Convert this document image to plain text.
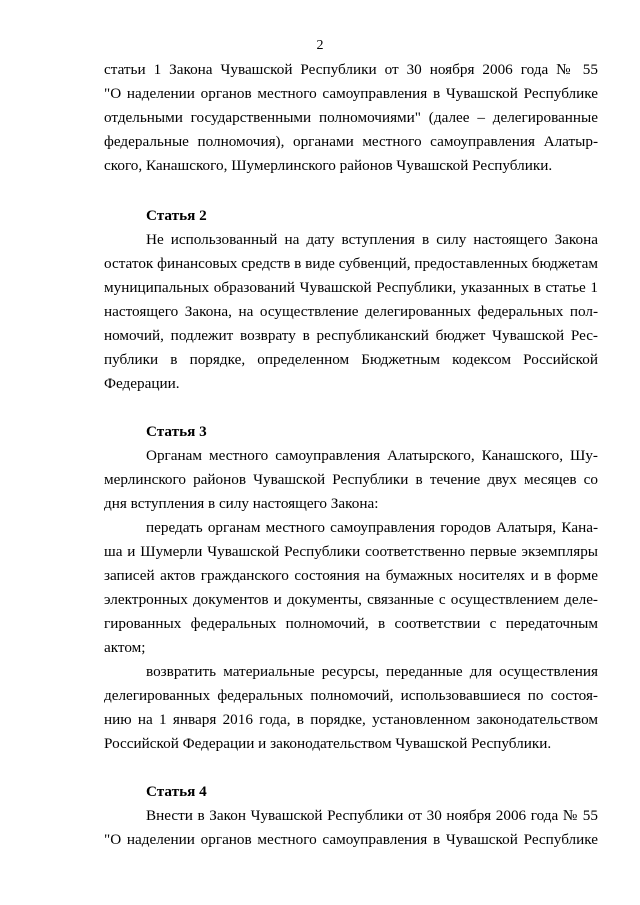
2
статьи 1 Закона Чувашской Республики от 30 ноября 2006 года № 55
"О наделении органов местного самоуправления в Чувашской Республике
отдельными государственными полномочиями" (далее – делегированные
федеральные полномочия), органами местного самоуправления Алатыр-
ского, Канашского, Шумерлинского районов Чувашской Республики.
Статья 2
Не использованный на дату вступления в силу настоящего Закона
остаток финансовых средств в виде субвенций, предоставленных бюджетам
муниципальных образований Чувашской Республики, указанных в статье 1
настоящего Закона, на осуществление делегированных федеральных пол-
номочий, подлежит возврату в республиканский бюджет Чувашской Рес-
публики в порядке, определенном Бюджетным кодексом Российской
Федерации.
Статья 3
Органам местного самоуправления Алатырского, Канашского, Шу-
мерлинского районов Чувашской Республики в течение двух месяцев со
дня вступления в силу настоящего Закона:
передать органам местного самоуправления городов Алатыря, Кана-
ша и Шумерли Чувашской Республики соответственно первые экземпляры
записей актов гражданского состояния на бумажных носителях и в форме
электронных документов и документы, связанные с осуществлением деле-
гированных федеральных полномочий, в соответствии с передаточным
актом;
возвратить материальные ресурсы, переданные для осуществления
делегированных федеральных полномочий, использовавшиеся по состоя-
нию на 1 января 2016 года, в порядке, установленном законодательством
Российской Федерации и законодательством Чувашской Республики.
Статья 4
Внести в Закон Чувашской Республики от 30 ноября 2006 года № 55
"О наделении органов местного самоуправления в Чувашской Республике
